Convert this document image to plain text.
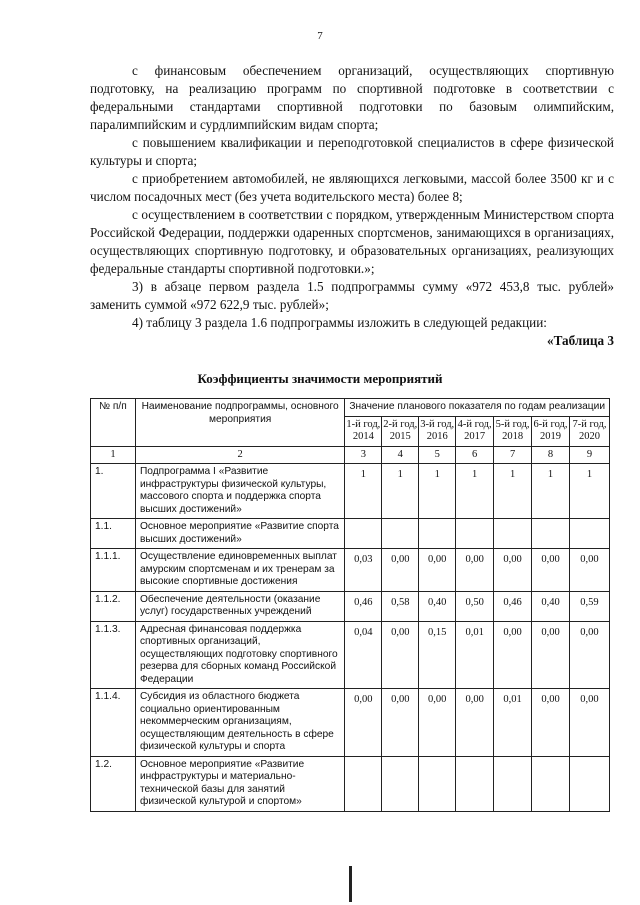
7

с финансовым обеспечением организаций, осуществляющих спортивную подготовку, на реализацию программ по спортивной подготовке в соответствии с федеральными стандартами спортивной подготовки по базовым олимпийским, паралимпийским и сурдлимпийским видам спорта;

с повышением квалификации и переподготовкой специалистов в сфере физической культуры и спорта;

с приобретением автомобилей, не являющихся легковыми, массой более 3500 кг и с числом посадочных мест (без учета водительского места) более 8;

с осуществлением в соответствии с порядком, утвержденным Министерством спорта Российской Федерации, поддержки одаренных спортсменов, занимающихся в организациях, осуществляющих спортивную подготовку, и образовательных организациях, реализующих федеральные стандарты спортивной подготовки.»;

3) в абзаце первом раздела 1.5 подпрограммы сумму «972 453,8 тыс. рублей» заменить суммой «972 622,9 тыс. рублей»;

4) таблицу 3 раздела 1.6 подпрограммы изложить в следующей редакции:

«Таблица 3

Коэффициенты значимости мероприятий
№ п/п	Наименование подпрограммы, основного мероприятия	Значение планового показателя по годам реализации						
		1-й год, 2014	2-й год, 2015	3-й год, 2016	4-й год, 2017	5-й год, 2018	6-й год, 2019	7-й год, 2020
1	2	3	4	5	6	7	8	9
1.	Подпрограмма I «Развитие инфраструктуры физической культуры, массового спорта и поддержка спорта высших достижений»	1	1	1	1	1	1	1
1.1.	Основное мероприятие «Развитие спорта высших достижений»							
1.1.1.	Осуществление единовременных выплат амурским спортсменам и их тренерам за высокие спортивные достижения	0,03	0,00	0,00	0,00	0,00	0,00	0,00
1.1.2.	Обеспечение деятельности (оказание услуг) государственных учреждений	0,46	0,58	0,40	0,50	0,46	0,40	0,59
1.1.3.	Адресная финансовая поддержка спортивных организаций, осуществляющих подготовку спортивного резерва для сборных команд Российской Федерации	0,04	0,00	0,15	0,01	0,00	0,00	0,00
1.1.4.	Субсидия из областного бюджета социально ориентированным некоммерческим организациям, осуществляющим деятельность в сфере физической культуры и спорта	0,00	0,00	0,00	0,00	0,01	0,00	0,00
1.2.	Основное мероприятие «Развитие инфраструктуры и материально-технической базы для занятий физической культурой и спортом»							
